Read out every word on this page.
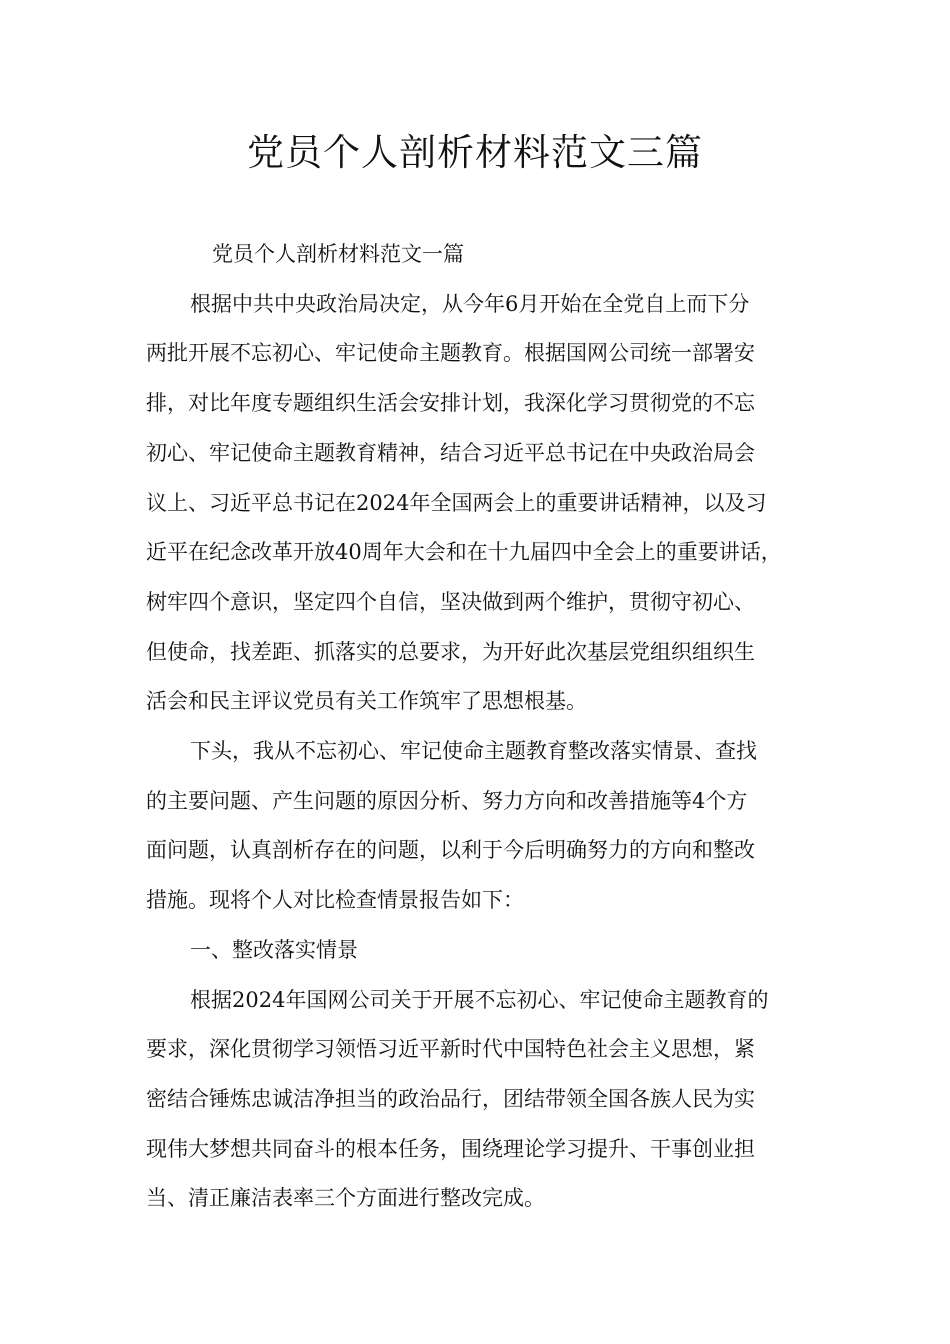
党员个人剖析材料范文三篇

党员个人剖析材料范文一篇

根据中共中央政治局决定，从今年6月开始在全党自上而下分

两批开展不忘初心、牢记使命主题教育。根据国网公司统一部署安

排，对比年度专题组织生活会安排计划，我深化学习贯彻党的不忘

初心、牢记使命主题教育精神，结合习近平总书记在中央政治局会

议上、习近平总书记在2024年全国两会上的重要讲话精神，以及习

近平在纪念改革开放40周年大会和在十九届四中全会上的重要讲话，

树牢四个意识，坚定四个自信，坚决做到两个维护，贯彻守初心、

但使命，找差距、抓落实的总要求，为开好此次基层党组织组织生

活会和民主评议党员有关工作筑牢了思想根基。

下头，我从不忘初心、牢记使命主题教育整改落实情景、查找

的主要问题、产生问题的原因分析、努力方向和改善措施等4个方

面问题，认真剖析存在的问题，以利于今后明确努力的方向和整改

措施。现将个人对比检查情景报告如下：

一、整改落实情景

根据2024年国网公司关于开展不忘初心、牢记使命主题教育的

要求，深化贯彻学习领悟习近平新时代中国特色社会主义思想，紧

密结合锤炼忠诚洁净担当的政治品行，团结带领全国各族人民为实

现伟大梦想共同奋斗的根本任务，围绕理论学习提升、干事创业担

当、清正廉洁表率三个方面进行整改完成。
